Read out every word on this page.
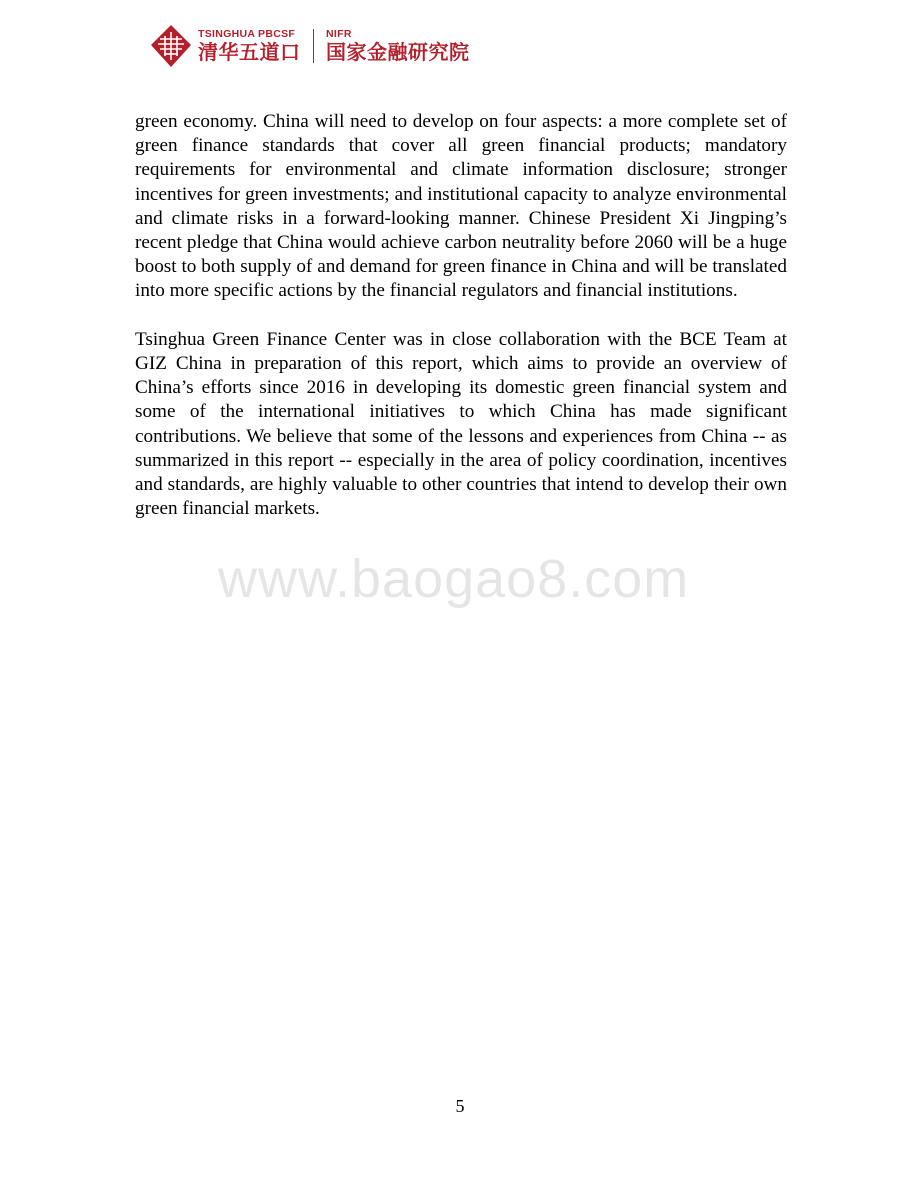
TSINGHUA PBCSF
清华五道口
NIFR
国家金融研究院

green economy. China will need to develop on four aspects: a more complete set of green finance standards that cover all green financial products; mandatory requirements for environmental and climate information disclosure; stronger incentives for green investments; and institutional capacity to analyze environmental and climate risks in a forward-looking manner. Chinese President Xi Jingping’s recent pledge that China would achieve carbon neutrality before 2060 will be a huge boost to both supply of and demand for green finance in China and will be translated into more specific actions by the financial regulators and financial institutions.

Tsinghua Green Finance Center was in close collaboration with the BCE Team at GIZ China in preparation of this report, which aims to provide an overview of China’s efforts since 2016 in developing its domestic green financial system and some of the international initiatives to which China has made significant contributions. We believe that some of the lessons and experiences from China -- as summarized in this report -- especially in the area of policy coordination, incentives and standards, are highly valuable to other countries that intend to develop their own green financial markets.

www.baogao8.com
5
